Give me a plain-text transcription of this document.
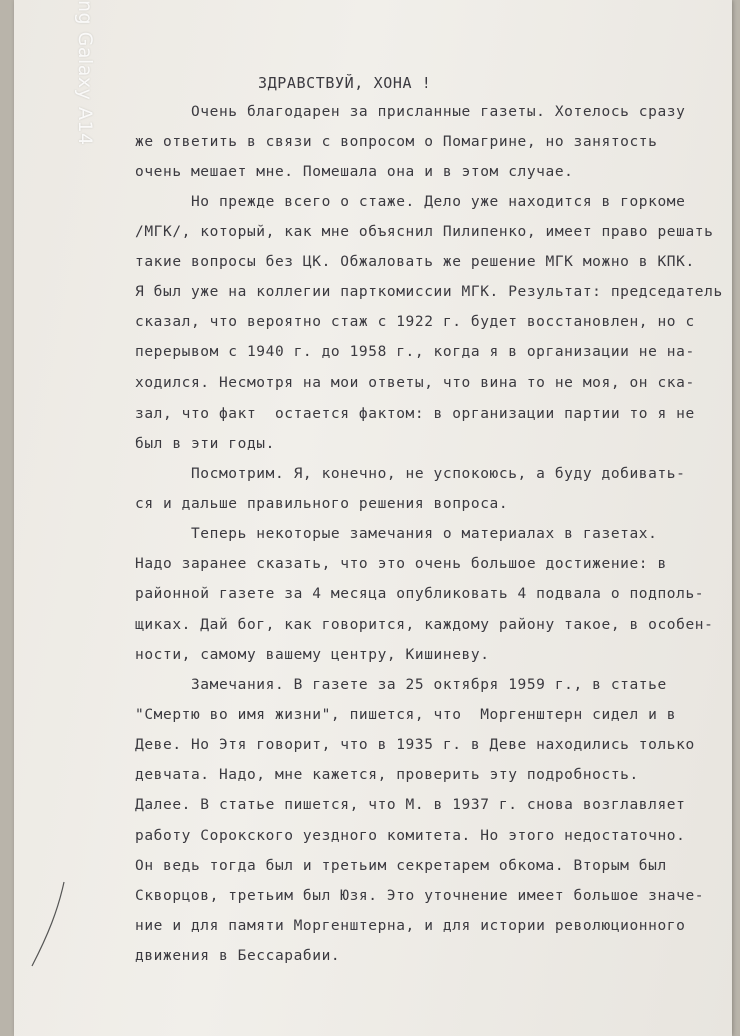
ng Galaxy A14	ЗДРАВСТВУЙ, ХОНА !
Очень благодарен за присланные газеты. Хотелось сразу
же ответить в связи с вопросом о Помагрине, но занятость
очень мешает мне. Помешала она и в этом случае.
Но прежде всего о стаже. Дело уже находится в горкоме
/МГК/, который, как мне объяснил Пилипенко, имеет право решать
такие вопросы без ЦК. Обжаловать же решение МГК можно в КПК.
Я был уже на коллегии парткомиссии МГК. Результат: председатель
сказал, что вероятно стаж с 1922 г. будет восстановлен, но с
перерывом с 1940 г. до 1958 г., когда я в организации не на-
ходился. Несмотря на мои ответы, что вина то не моя, он ска-
зал, что факт  остается фактом: в организации партии то я не
был в эти годы.
Посмотрим. Я, конечно, не успокоюсь, а буду добивать-
ся и дальше правильного решения вопроса.
Теперь некоторые замечания о материалах в газетах.
Надо заранее сказать, что это очень большое достижение: в
районной газете за 4 месяца опубликовать 4 подвала о подполь-
щиках. Дай бог, как говорится, каждому району такое, в особен-
ности, самому вашему центру, Кишиневу.
Замечания. В газете за 25 октября 1959 г., в статье
"Смертю во имя жизни", пишется, что  Моргенштерн сидел и в
Деве. Но Этя говорит, что в 1935 г. в Деве находились только
девчата. Надо, мне кажется, проверить эту подробность.
Далее. В статье пишется, что М. в 1937 г. снова возглавляет
работу Сорокского уездного комитета. Но этого недостаточно.
Он ведь тогда был и третьим секретарем обкома. Вторым был
Скворцов, третьим был Юзя. Это уточнение имеет большое значе-
ние и для памяти Моргенштерна, и для истории революционного
движения в Бессарабии.
